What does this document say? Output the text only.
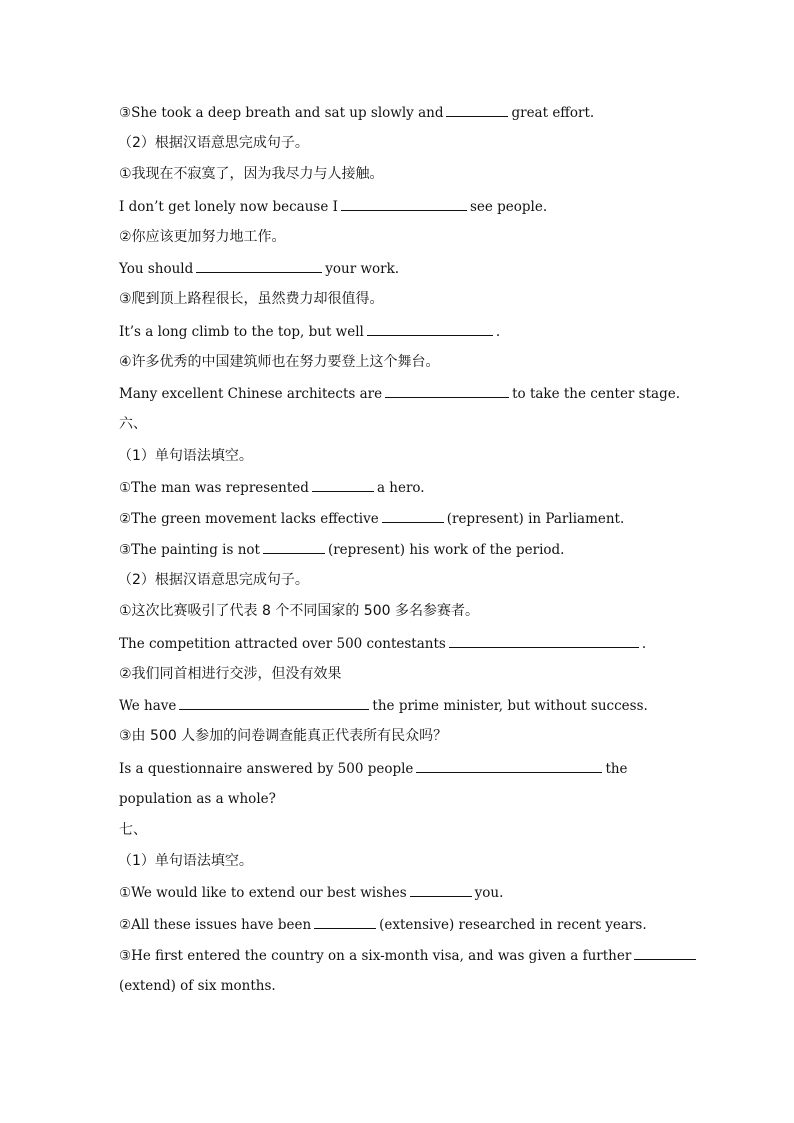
③She took a deep breath and sat up slowly and	great effort.
（2）根据汉语意思完成句子。
①我现在不寂寞了，因为我尽力与人接触。
I don’t get lonely now because I	see people.
②你应该更加努力地工作。
You should	your work.
③爬到顶上路程很长，虽然费力却很值得。
It’s a long climb to the top, but well	.
④许多优秀的中国建筑师也在努力要登上这个舞台。
Many excellent Chinese architects are	to take the center stage.
六、
（1）单句语法填空。
①The man was represented	a hero.
②The green movement lacks effective	(represent) in Parliament.
③The painting is not	(represent) his work of the period.
（2）根据汉语意思完成句子。
①这次比赛吸引了代表 8 个不同国家的 500 多名参赛者。
The competition attracted over 500 contestants	.
②我们同首相进行交涉，但没有效果
We have	the prime minister, but without success.
③由 500 人参加的问卷调查能真正代表所有民众吗？
Is a questionnaire answered by 500 people	the
population as a whole?
七、
（1）单句语法填空。
①We would like to extend our best wishes	you.
②All these issues have been	(extensive) researched in recent years.
③He first entered the country on a six-month visa, and was given a further
(extend) of six months.
